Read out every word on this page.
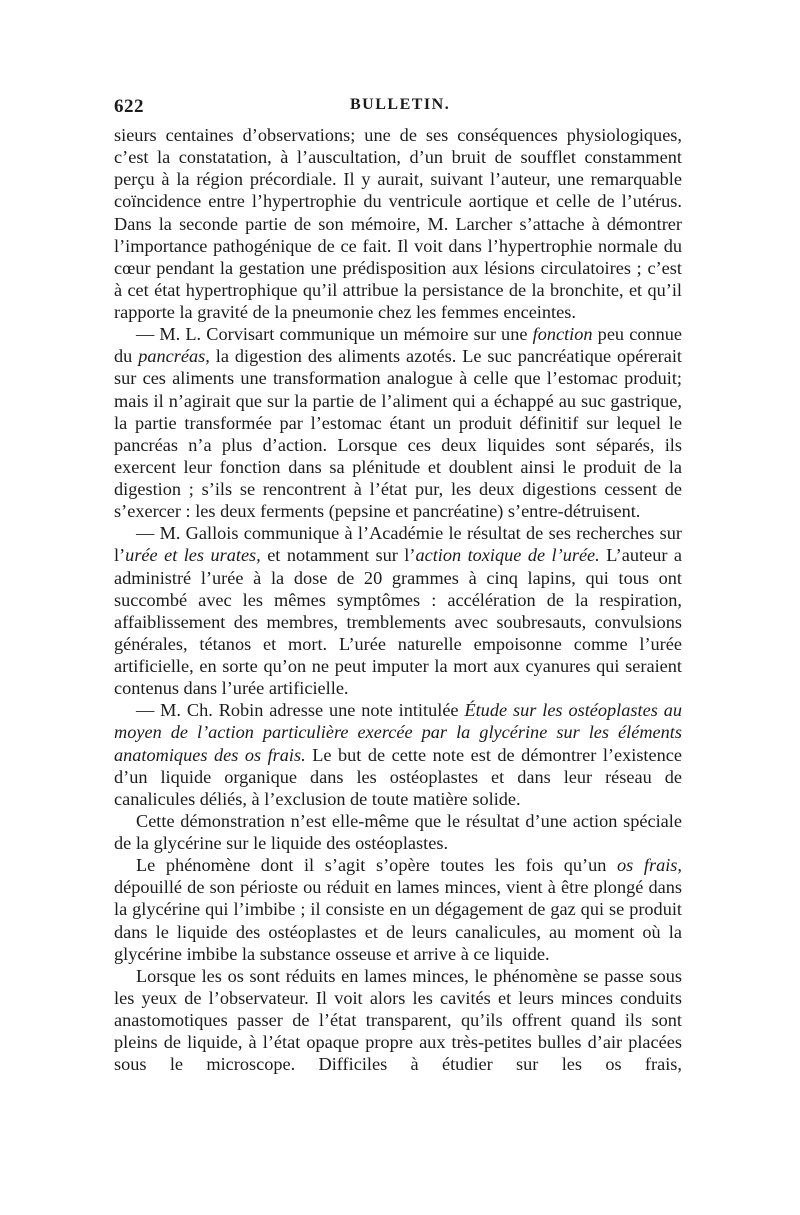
622	BULLETIN.

sieurs centaines d’observations; une de ses conséquences physiologiques, c’est la constatation, à l’auscultation, d’un bruit de soufflet constamment perçu à la région précordiale. Il y aurait, suivant l’auteur, une remarquable coïncidence entre l’hypertrophie du ventricule aortique et celle de l’utérus. Dans la seconde partie de son mémoire, M. Larcher s’attache à démontrer l’importance pathogénique de ce fait. Il voit dans l’hypertrophie normale du cœur pendant la gestation une prédisposition aux lésions circulatoires ; c’est à cet état hypertrophique qu’il attribue la persistance de la bronchite, et qu’il rapporte la gravité de la pneumonie chez les femmes enceintes.

— M. L. Corvisart communique un mémoire sur une fonction peu connue du pancréas, la digestion des aliments azotés. Le suc pancréatique opérerait sur ces aliments une transformation analogue à celle que l’estomac produit; mais il n’agirait que sur la partie de l’aliment qui a échappé au suc gastrique, la partie transformée par l’estomac étant un produit définitif sur lequel le pancréas n’a plus d’action. Lorsque ces deux liquides sont séparés, ils exercent leur fonction dans sa plénitude et doublent ainsi le produit de la digestion ; s’ils se rencontrent à l’état pur, les deux digestions cessent de s’exercer : les deux ferments (pepsine et pancréatine) s’entre-détruisent.

— M. Gallois communique à l’Académie le résultat de ses recherches sur l’urée et les urates, et notamment sur l’action toxique de l’urée. L’auteur a administré l’urée à la dose de 20 grammes à cinq lapins, qui tous ont succombé avec les mêmes symptômes : accélération de la respiration, affaiblissement des membres, tremblements avec soubresauts, convulsions générales, tétanos et mort. L’urée naturelle empoisonne comme l’urée artificielle, en sorte qu’on ne peut imputer la mort aux cyanures qui seraient contenus dans l’urée artificielle.

— M. Ch. Robin adresse une note intitulée Étude sur les ostéoplastes au moyen de l’action particulière exercée par la glycérine sur les éléments anatomiques des os frais. Le but de cette note est de démontrer l’existence d’un liquide organique dans les ostéoplastes et dans leur réseau de canalicules déliés, à l’exclusion de toute matière solide.

Cette démonstration n’est elle-même que le résultat d’une action spéciale de la glycérine sur le liquide des ostéoplastes.

Le phénomène dont il s’agit s’opère toutes les fois qu’un os frais, dépouillé de son périoste ou réduit en lames minces, vient à être plongé dans la glycérine qui l’imbibe ; il consiste en un dégagement de gaz qui se produit dans le liquide des ostéoplastes et de leurs canalicules, au moment où la glycérine imbibe la substance osseuse et arrive à ce liquide.

Lorsque les os sont réduits en lames minces, le phénomène se passe sous les yeux de l’observateur. Il voit alors les cavités et leurs minces conduits anastomotiques passer de l’état transparent, qu’ils offrent quand ils sont pleins de liquide, à l’état opaque propre aux très-petites bulles d’air placées sous le microscope. Difficiles à étudier sur les os frais,
